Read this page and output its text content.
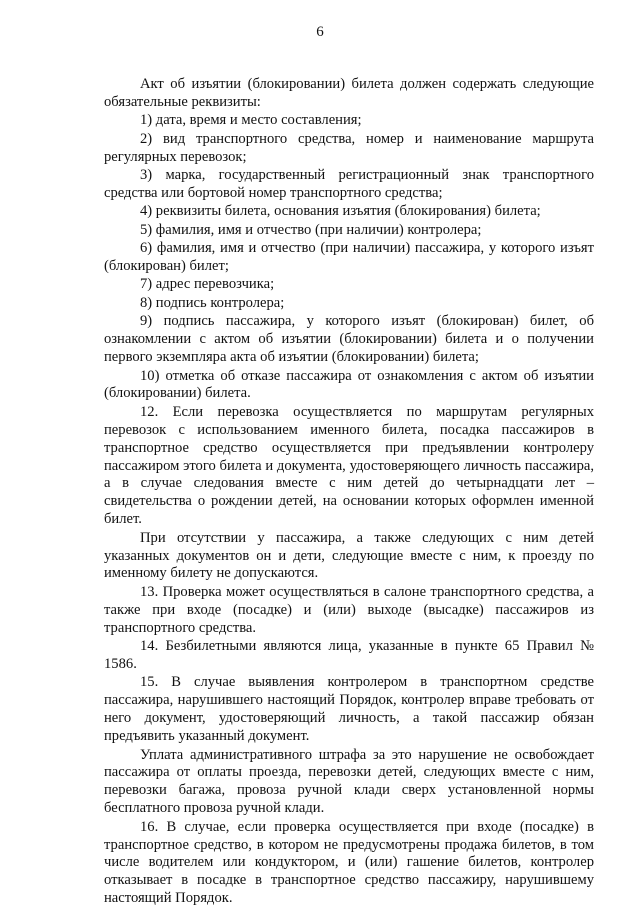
6

Акт об изъятии (блокировании) билета должен содержать следующие обязательные реквизиты:

1) дата, время и место составления;

2) вид транспортного средства, номер и наименование маршрута регулярных перевозок;

3) марка, государственный регистрационный знак транспортного средства или бортовой номер транспортного средства;

4) реквизиты билета, основания изъятия (блокирования) билета;

5) фамилия, имя и отчество (при наличии) контролера;

6) фамилия, имя и отчество (при наличии) пассажира, у которого изъят (блокирован) билет;

7) адрес перевозчика;

8) подпись контролера;

9) подпись пассажира, у которого изъят (блокирован) билет, об ознакомлении с актом об изъятии (блокировании) билета и о получении первого экземпляра акта об изъятии (блокировании) билета;

10) отметка об отказе пассажира от ознакомления с актом об изъятии (блокировании) билета.

12. Если перевозка осуществляется по маршрутам регулярных перевозок с использованием именного билета, посадка пассажиров в транспортное средство осуществляется при предъявлении контролеру пассажиром этого билета и документа, удостоверяющего личность пассажира, а в случае следования вместе с ним детей до четырнадцати лет – свидетельства о рождении детей, на основании которых оформлен именной билет.

При отсутствии у пассажира, а также следующих с ним детей указанных документов он и дети, следующие вместе с ним, к проезду по именному билету не допускаются.

13. Проверка может осуществляться в салоне транспортного средства, а также при входе (посадке) и (или) выходе (высадке) пассажиров из транспортного средства.

14. Безбилетными являются лица, указанные в пункте 65 Правил № 1586.

15. В случае выявления контролером в транспортном средстве пассажира, нарушившего настоящий Порядок, контролер вправе требовать от него документ, удостоверяющий личность, а такой пассажир обязан предъявить указанный документ.

Уплата административного штрафа за это нарушение не освобождает пассажира от оплаты проезда, перевозки детей, следующих вместе с ним, перевозки багажа, провоза ручной клади сверх установленной нормы бесплатного провоза ручной клади.

16. В случае, если проверка осуществляется при входе (посадке) в транспортное средство, в котором не предусмотрены продажа билетов, в том числе водителем или кондуктором, и (или) гашение билетов, контролер отказывает в посадке в транспортное средство пассажиру, нарушившему настоящий Порядок.
